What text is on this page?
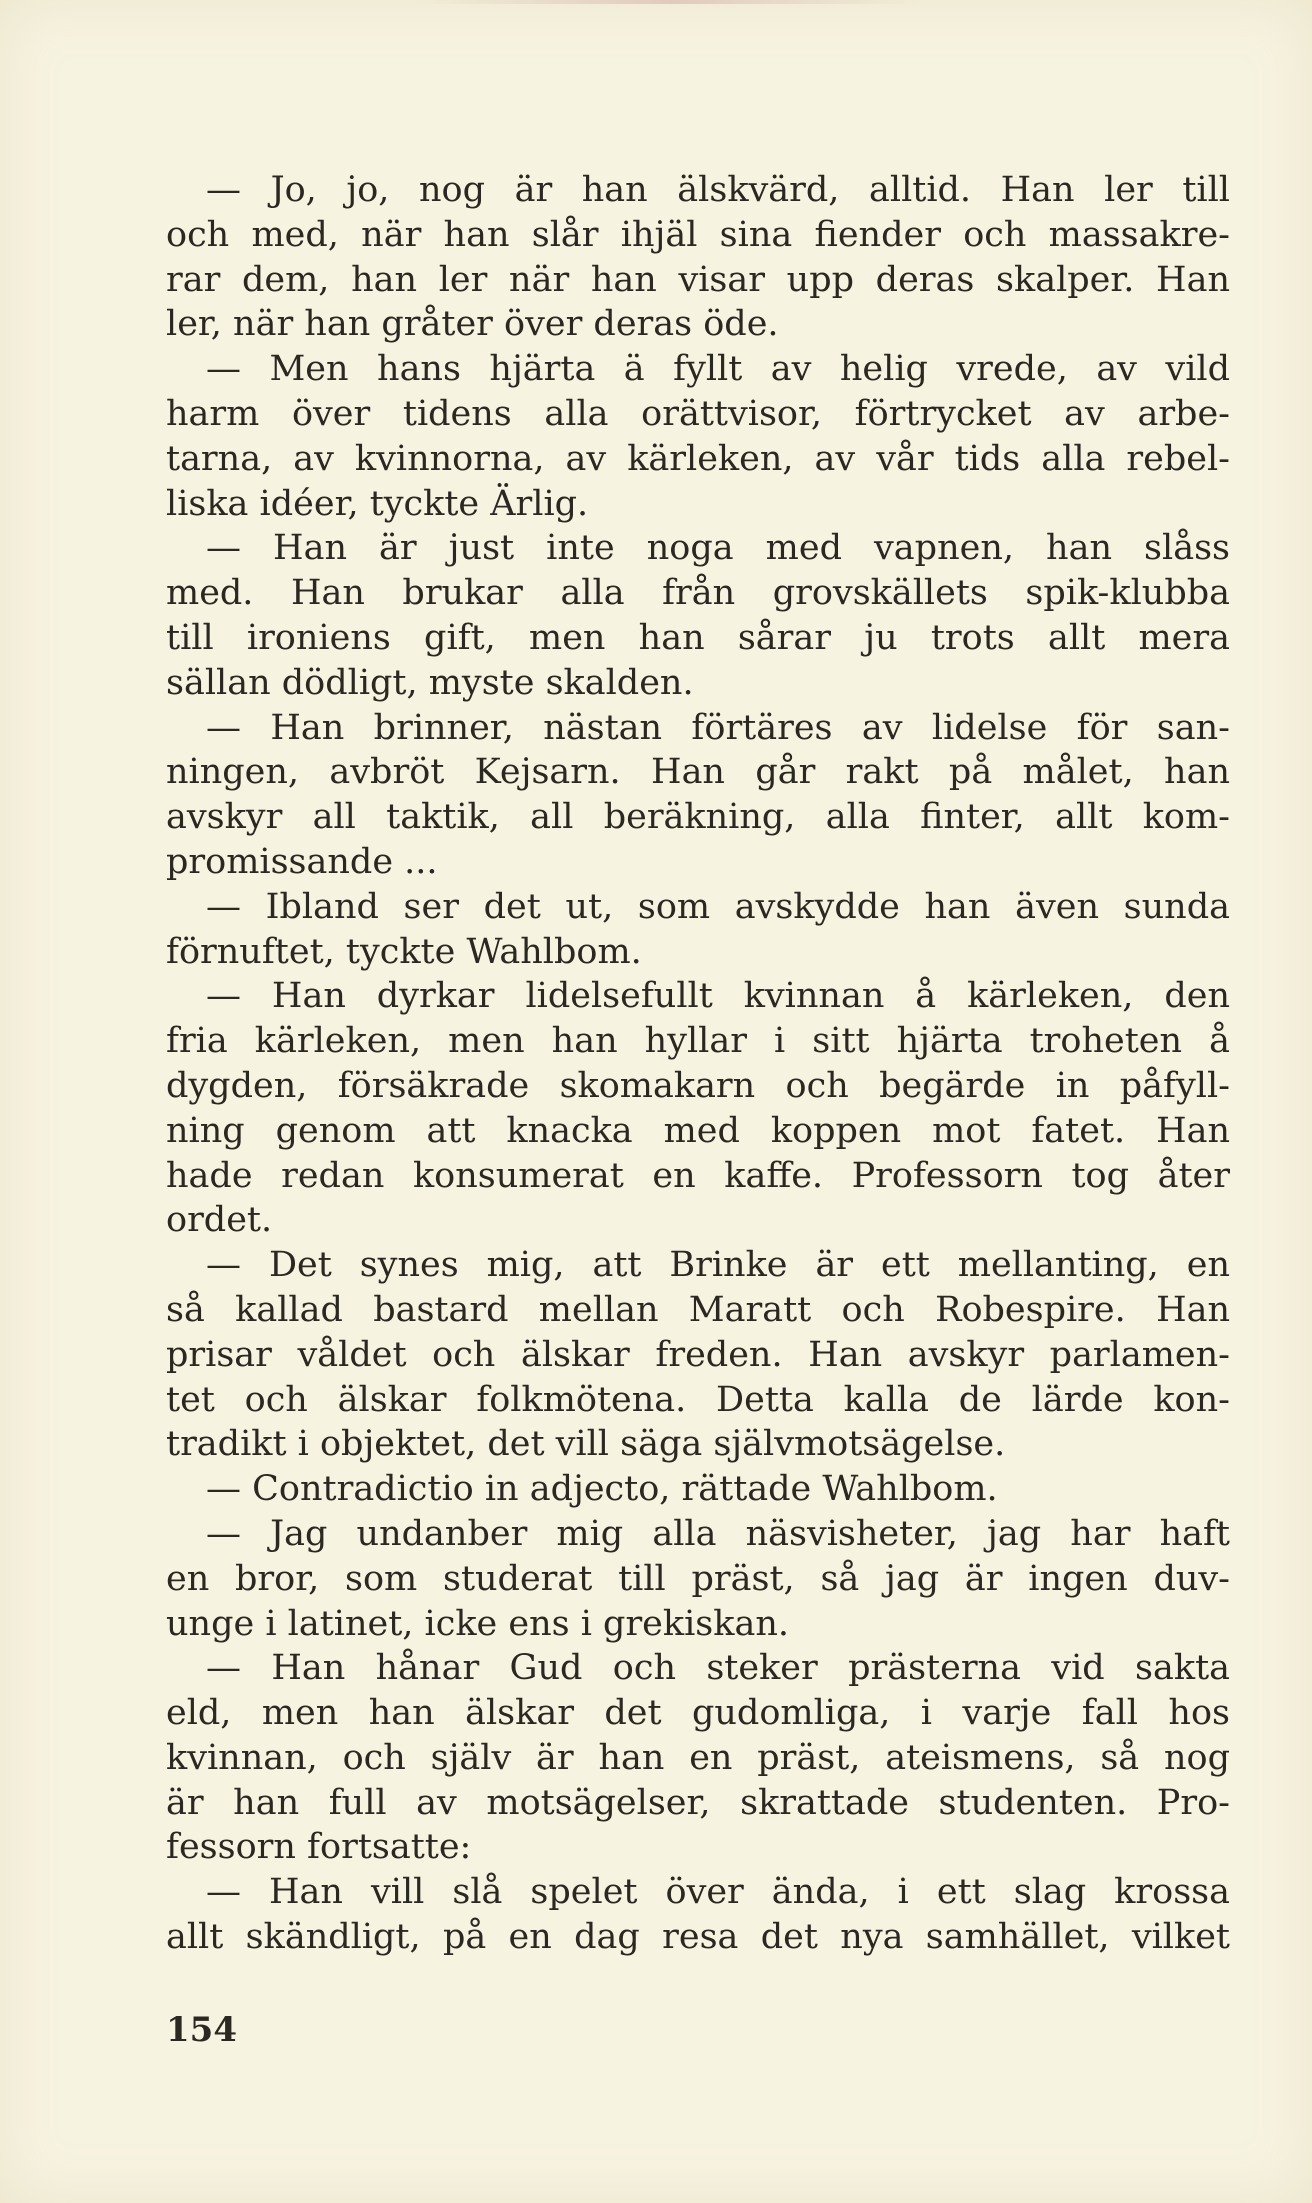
— Jo, jo, nog är han älskvärd, alltid. Han ler till
och med, när han slår ihjäl sina fiender och massakre-
rar dem, han ler när han visar upp deras skalper. Han
ler, när han gråter över deras öde.
— Men hans hjärta ä fyllt av helig vrede, av vild
harm över tidens alla orättvisor, förtrycket av arbe-
tarna, av kvinnorna, av kärleken, av vår tids alla rebel-
liska idéer, tyckte Ärlig.
— Han är just inte noga med vapnen, han slåss
med. Han brukar alla från grovskällets spik-klubba
till ironiens gift, men han sårar ju trots allt mera
sällan dödligt, myste skalden.
— Han brinner, nästan förtäres av lidelse för san-
ningen, avbröt Kejsarn. Han går rakt på målet, han
avskyr all taktik, all beräkning, alla finter, allt kom-
promissande ...
— Ibland ser det ut, som avskydde han även sunda
förnuftet, tyckte Wahlbom.
— Han dyrkar lidelsefullt kvinnan å kärleken, den
fria kärleken, men han hyllar i sitt hjärta troheten å
dygden, försäkrade skomakarn och begärde in påfyll-
ning genom att knacka med koppen mot fatet. Han
hade redan konsumerat en kaffe. Professorn tog åter
ordet.
— Det synes mig, att Brinke är ett mellanting, en
så kallad bastard mellan Maratt och Robespire. Han
prisar våldet och älskar freden. Han avskyr parlamen-
tet och älskar folkmötena. Detta kalla de lärde kon-
tradikt i objektet, det vill säga självmotsägelse.
— Contradictio in adjecto, rättade Wahlbom.
— Jag undanber mig alla näsvisheter, jag har haft
en bror, som studerat till präst, så jag är ingen duv-
unge i latinet, icke ens i grekiskan.
— Han hånar Gud och steker prästerna vid sakta
eld, men han älskar det gudomliga, i varje fall hos
kvinnan, och själv är han en präst, ateismens, så nog
är han full av motsägelser, skrattade studenten. Pro-
fessorn fortsatte:
— Han vill slå spelet över ända, i ett slag krossa
allt skändligt, på en dag resa det nya samhället, vilket
154
